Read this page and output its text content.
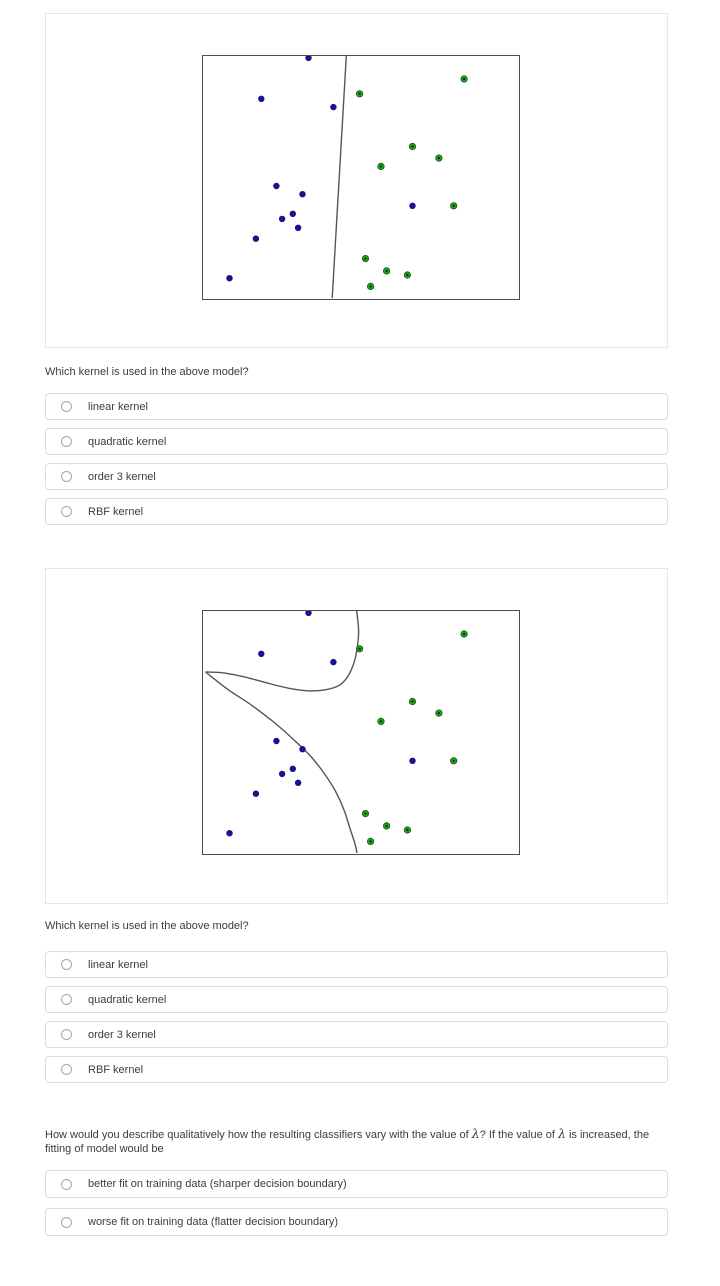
Which kernel is used in the above model?
linear kernel
quadratic kernel
order 3 kernel
RBF kernel
Which kernel is used in the above model?
linear kernel
quadratic kernel
order 3 kernel
RBF kernel
How would you describe qualitatively how the resulting classifiers vary with the value of λ? If the value of λ is increased, the fitting of model would be
better fit on training data (sharper decision boundary)
worse fit on training data (flatter decision boundary)
